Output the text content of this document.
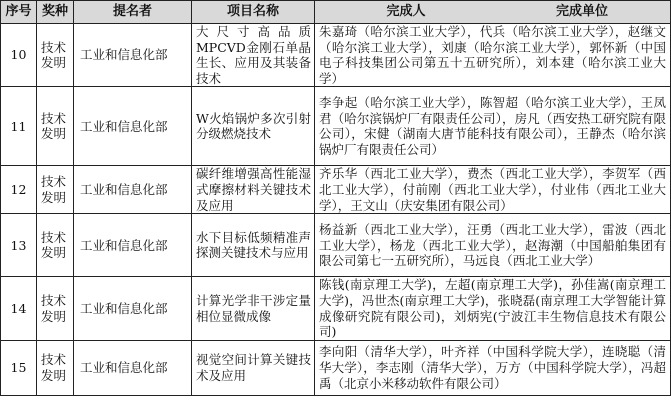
序号	奖种	提名者	项目名称	完成人 完成单位

10	技术发明	工业和信息化部	大尺寸高品质MPCVD金刚石单晶生长、应用及其装备技术	朱嘉琦（哈尔滨工业大学），代兵（哈尔滨工业大学），赵继文（哈尔滨工业大学），刘康（哈尔滨工业大学），郭怀新（中国电子科技集团公司第五十五研究所），刘本建（哈尔滨工业大学）
11	技术发明	工业和信息化部	W火焰锅炉多次引射分级燃烧技术	李争起（哈尔滨工业大学），陈智超（哈尔滨工业大学），王凤君（哈尔滨锅炉厂有限责任公司），房凡（西安热工研究院有限公司），宋健（湖南大唐节能科技有限公司），王静杰（哈尔滨锅炉厂有限责任公司）
12	技术发明	工业和信息化部	碳纤维增强高性能湿式摩擦材料关键技术及应用	齐乐华（西北工业大学），费杰（西北工业大学），李贺军（西北工业大学），付前刚（西北工业大学），付业伟（西北工业大学），王文山（庆安集团有限公司）
13	技术发明	工业和信息化部	水下目标低频精准声探测关键技术与应用	杨益新（西北工业大学），汪勇（西北工业大学），雷波（西北工业大学），杨龙（西北工业大学），赵海潮（中国船舶集团有限公司第七一五研究所），马远良（西北工业大学）
14	技术发明	工业和信息化部	计算光学非干涉定量相位显微成像	陈钱(南京理工大学)，左超(南京理工大学)，孙佳嵩(南京理工大学)，冯世杰(南京理工大学)，张晓磊(南京理工大学智能计算成像研究院有限公司)，刘炳宪(宁波江丰生物信息技术有限公司)
15	技术发明	工业和信息化部	视觉空间计算关键技术及应用	李向阳（清华大学），叶齐祥（中国科学院大学），连晓聪（清华大学），李志刚（清华大学），万方（中国科学院大学），冯超禹（北京小米移动软件有限公司）
